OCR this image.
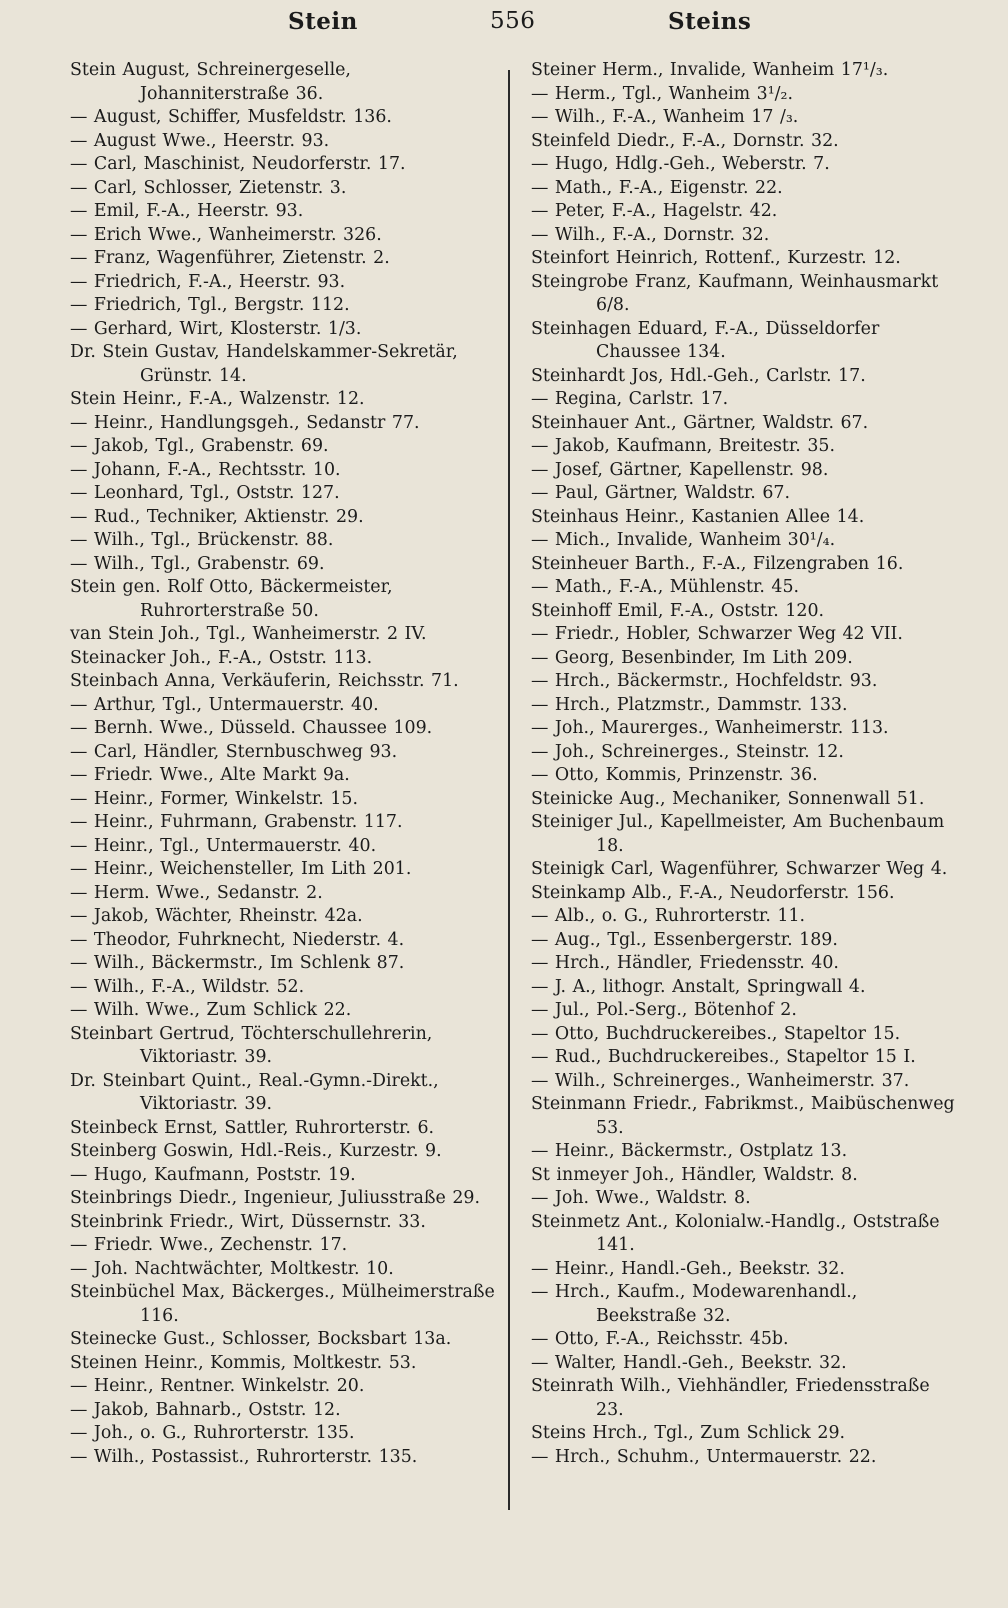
Stein	556	Steins
Stein August, Schreinergeselle, Johanniterstraße 36.
— August, Schiffer, Musfeldstr. 136.
— August Wwe., Heerstr. 93.
— Carl, Maschinist, Neudorferstr. 17.
— Carl, Schlosser, Zietenstr. 3.
— Emil, F.-A., Heerstr. 93.
— Erich Wwe., Wanheimerstr. 326.
— Franz, Wagenführer, Zietenstr. 2.
— Friedrich, F.-A., Heerstr. 93.
— Friedrich, Tgl., Bergstr. 112.
— Gerhard, Wirt, Klosterstr. 1/3.
Dr. Stein Gustav, Handelskammer-Sekretär, Grünstr. 14.
Stein Heinr., F.-A., Walzenstr. 12.
— Heinr., Handlungsgeh., Sedanstr 77.
— Jakob, Tgl., Grabenstr. 69.
— Johann, F.-A., Rechtsstr. 10.
— Leonhard, Tgl., Oststr. 127.
— Rud., Techniker, Aktienstr. 29.
— Wilh., Tgl., Brückenstr. 88.
— Wilh., Tgl., Grabenstr. 69.
Stein gen. Rolf Otto, Bäckermeister, Ruhrorterstraße 50.
van Stein Joh., Tgl., Wanheimerstr. 2 IV.
Steinacker Joh., F.-A., Oststr. 113.
Steinbach Anna, Verkäuferin, Reichsstr. 71.
— Arthur, Tgl., Untermauerstr. 40.
— Bernh. Wwe., Düsseld. Chaussee 109.
— Carl, Händler, Sternbuschweg 93.
— Friedr. Wwe., Alte Markt 9a.
— Heinr., Former, Winkelstr. 15.
— Heinr., Fuhrmann, Grabenstr. 117.
— Heinr., Tgl., Untermauerstr. 40.
— Heinr., Weichensteller, Im Lith 201.
— Herm. Wwe., Sedanstr. 2.
— Jakob, Wächter, Rheinstr. 42a.
— Theodor, Fuhrknecht, Niederstr. 4.
— Wilh., Bäckermstr., Im Schlenk 87.
— Wilh., F.-A., Wildstr. 52.
— Wilh. Wwe., Zum Schlick 22.
Steinbart Gertrud, Töchterschullehrerin, Viktoriastr. 39.
Dr. Steinbart Quint., Real.-Gymn.-Direkt., Viktoriastr. 39.
Steinbeck Ernst, Sattler, Ruhrorterstr. 6.
Steinberg Goswin, Hdl.-Reis., Kurzestr. 9.
— Hugo, Kaufmann, Poststr. 19.
Steinbrings Diedr., Ingenieur, Juliusstraße 29.
Steinbrink Friedr., Wirt, Düssernstr. 33.
— Friedr. Wwe., Zechenstr. 17.
— Joh. Nachtwächter, Moltkestr. 10.
Steinbüchel Max, Bäckerges., Mülheimerstraße 116.
Steinecke Gust., Schlosser, Bocksbart 13a.
Steinen Heinr., Kommis, Moltkestr. 53.
— Heinr., Rentner. Winkelstr. 20.
— Jakob, Bahnarb., Oststr. 12.
— Joh., o. G., Ruhrorterstr. 135.
— Wilh., Postassist., Ruhrorterstr. 135.
Steiner Herm., Invalide, Wanheim 17¹/₃.
— Herm., Tgl., Wanheim 3¹/₂.
— Wilh., F.-A., Wanheim 17 /₃.
Steinfeld Diedr., F.-A., Dornstr. 32.
— Hugo, Hdlg.-Geh., Weberstr. 7.
— Math., F.-A., Eigenstr. 22.
— Peter, F.-A., Hagelstr. 42.
— Wilh., F.-A., Dornstr. 32.
Steinfort Heinrich, Rottenf., Kurzestr. 12.
Steingrobe Franz, Kaufmann, Weinhausmarkt 6/8.
Steinhagen Eduard, F.-A., Düsseldorfer Chaussee 134.
Steinhardt Jos, Hdl.-Geh., Carlstr. 17.
— Regina, Carlstr. 17.
Steinhauer Ant., Gärtner, Waldstr. 67.
— Jakob, Kaufmann, Breitestr. 35.
— Josef, Gärtner, Kapellenstr. 98.
— Paul, Gärtner, Waldstr. 67.
Steinhaus Heinr., Kastanien Allee 14.
— Mich., Invalide, Wanheim 30¹/₄.
Steinheuer Barth., F.-A., Filzengraben 16.
— Math., F.-A., Mühlenstr. 45.
Steinhoff Emil, F.-A., Oststr. 120.
— Friedr., Hobler, Schwarzer Weg 42 VII.
— Georg, Besenbinder, Im Lith 209.
— Hrch., Bäckermstr., Hochfeldstr. 93.
— Hrch., Platzmstr., Dammstr. 133.
— Joh., Maurerges., Wanheimerstr. 113.
— Joh., Schreinerges., Steinstr. 12.
— Otto, Kommis, Prinzenstr. 36.
Steinicke Aug., Mechaniker, Sonnenwall 51.
Steiniger Jul., Kapellmeister, Am Buchenbaum 18.
Steinigk Carl, Wagenführer, Schwarzer Weg 4.
Steinkamp Alb., F.-A., Neudorferstr. 156.
— Alb., o. G., Ruhrorterstr. 11.
— Aug., Tgl., Essenbergerstr. 189.
— Hrch., Händler, Friedensstr. 40.
— J. A., lithogr. Anstalt, Springwall 4.
— Jul., Pol.-Serg., Bötenhof 2.
— Otto, Buchdruckereibes., Stapeltor 15.
— Rud., Buchdruckereibes., Stapeltor 15 I.
— Wilh., Schreinerges., Wanheimerstr. 37.
Steinmann Friedr., Fabrikmst., Maibüschenweg 53.
— Heinr., Bäckermstr., Ostplatz 13.
St inmeyer Joh., Händler, Waldstr. 8.
— Joh. Wwe., Waldstr. 8.
Steinmetz Ant., Kolonialw.-Handlg., Oststraße 141.
— Heinr., Handl.-Geh., Beekstr. 32.
— Hrch., Kaufm., Modewarenhandl., Beekstraße 32.
— Otto, F.-A., Reichsstr. 45b.
— Walter, Handl.-Geh., Beekstr. 32.
Steinrath Wilh., Viehhändler, Friedensstraße 23.
Steins Hrch., Tgl., Zum Schlick 29.
— Hrch., Schuhm., Untermauerstr. 22.
